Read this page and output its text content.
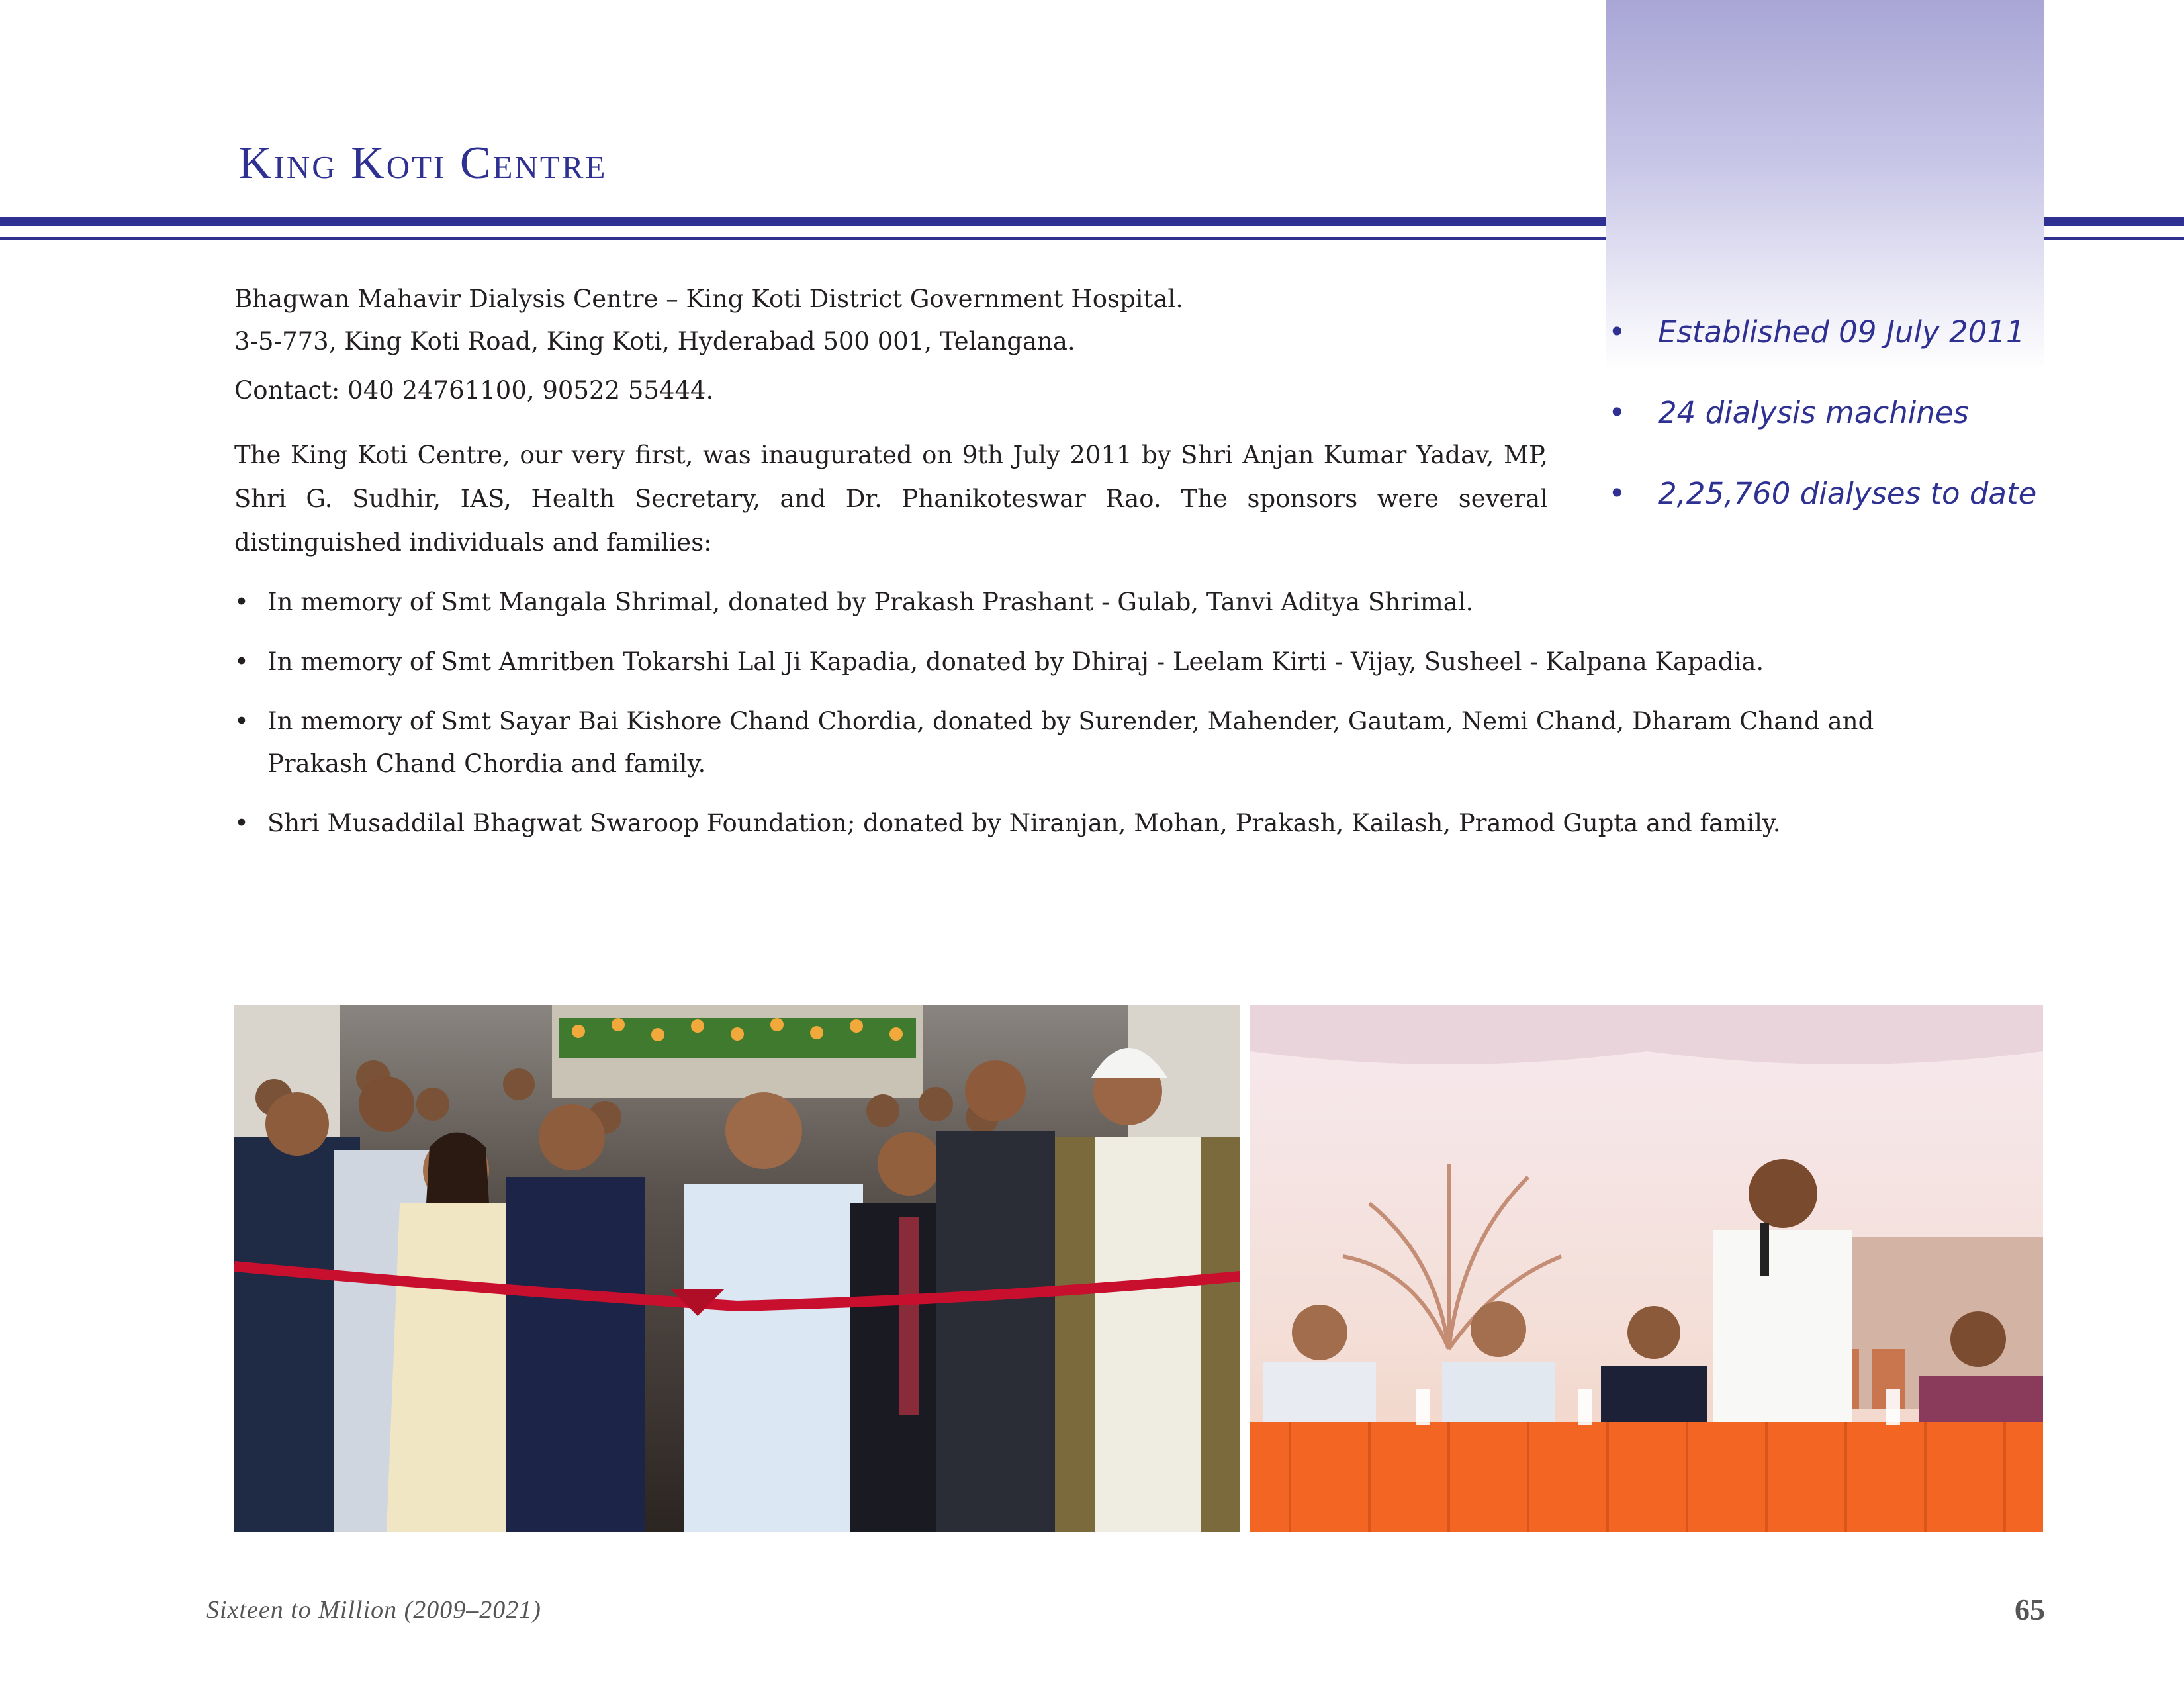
King Koti Centre
Bhagwan Mahavir Dialysis Centre – King Koti District Government Hospital.
3-5-773, King Koti Road, King Koti, Hyderabad 500 001, Telangana.
Contact: 040 24761100, 90522 55444.

The King Koti Centre, our very first, was inaugurated on 9th July 2011 by Shri Anjan Kumar Yadav, MP, Shri G. Sudhir, IAS, Health Secretary, and Dr. Phanikoteswar Rao. The sponsors were several distinguished individuals and families:

• In memory of Smt Mangala Shrimal, donated by Prakash Prashant - Gulab, Tanvi Aditya Shrimal.
• In memory of Smt Amritben Tokarshi Lal Ji Kapadia, donated by Dhiraj - Leelam Kirti - Vijay, Susheel - Kalpana Kapadia.
• In memory of Smt Sayar Bai Kishore Chand Chordia, donated by Surender, Mahender, Gautam, Nemi Chand, Dharam Chand and Prakash Chand Chordia and family.
• Shri Musaddilal Bhagwat Swaroop Foundation; donated by Niranjan, Mohan, Prakash, Kailash, Pramod Gupta and family.
• Established 09 July 2011
• 24 dialysis machines
• 2,25,760 dialyses to date
Sixteen to Million (2009–2021)	65
